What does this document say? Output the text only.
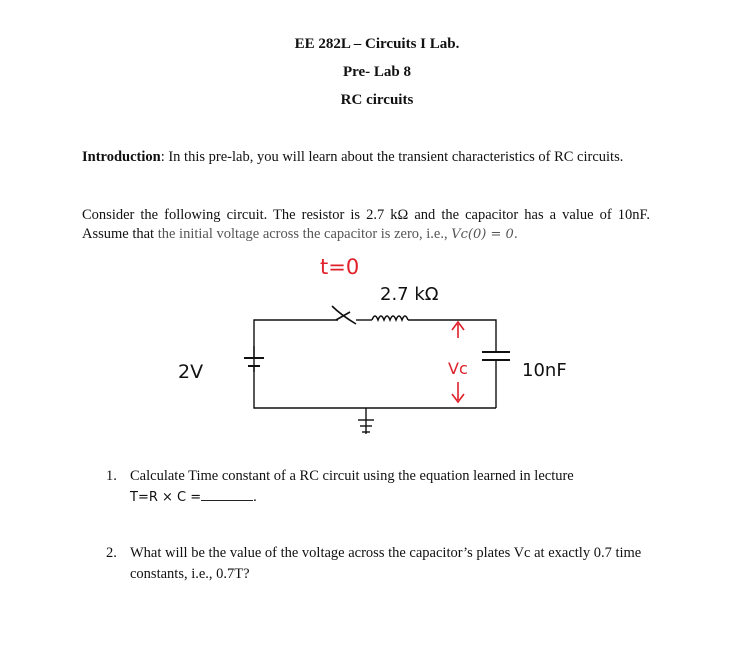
EE 282L – Circuits I Lab.
Pre- Lab 8
RC circuits
Introduction: In this pre-lab, you will learn about the transient characteristics of RC circuits.
Consider the following circuit. The resistor is 2.7 kΩ and the capacitor has a value of 10nF. Assume that the initial voltage across the capacitor is zero, i.e., Vc(0) = 0.
t=0
2.7 kΩ
2V	10nF
Vc
1. Calculate Time constant of a RC circuit using the equation learned in lecture
T=R × C =	.
2. What will be the value of the voltage across the capacitor’s plates Vc at exactly 0.7 time constants, i.e., 0.7T?
